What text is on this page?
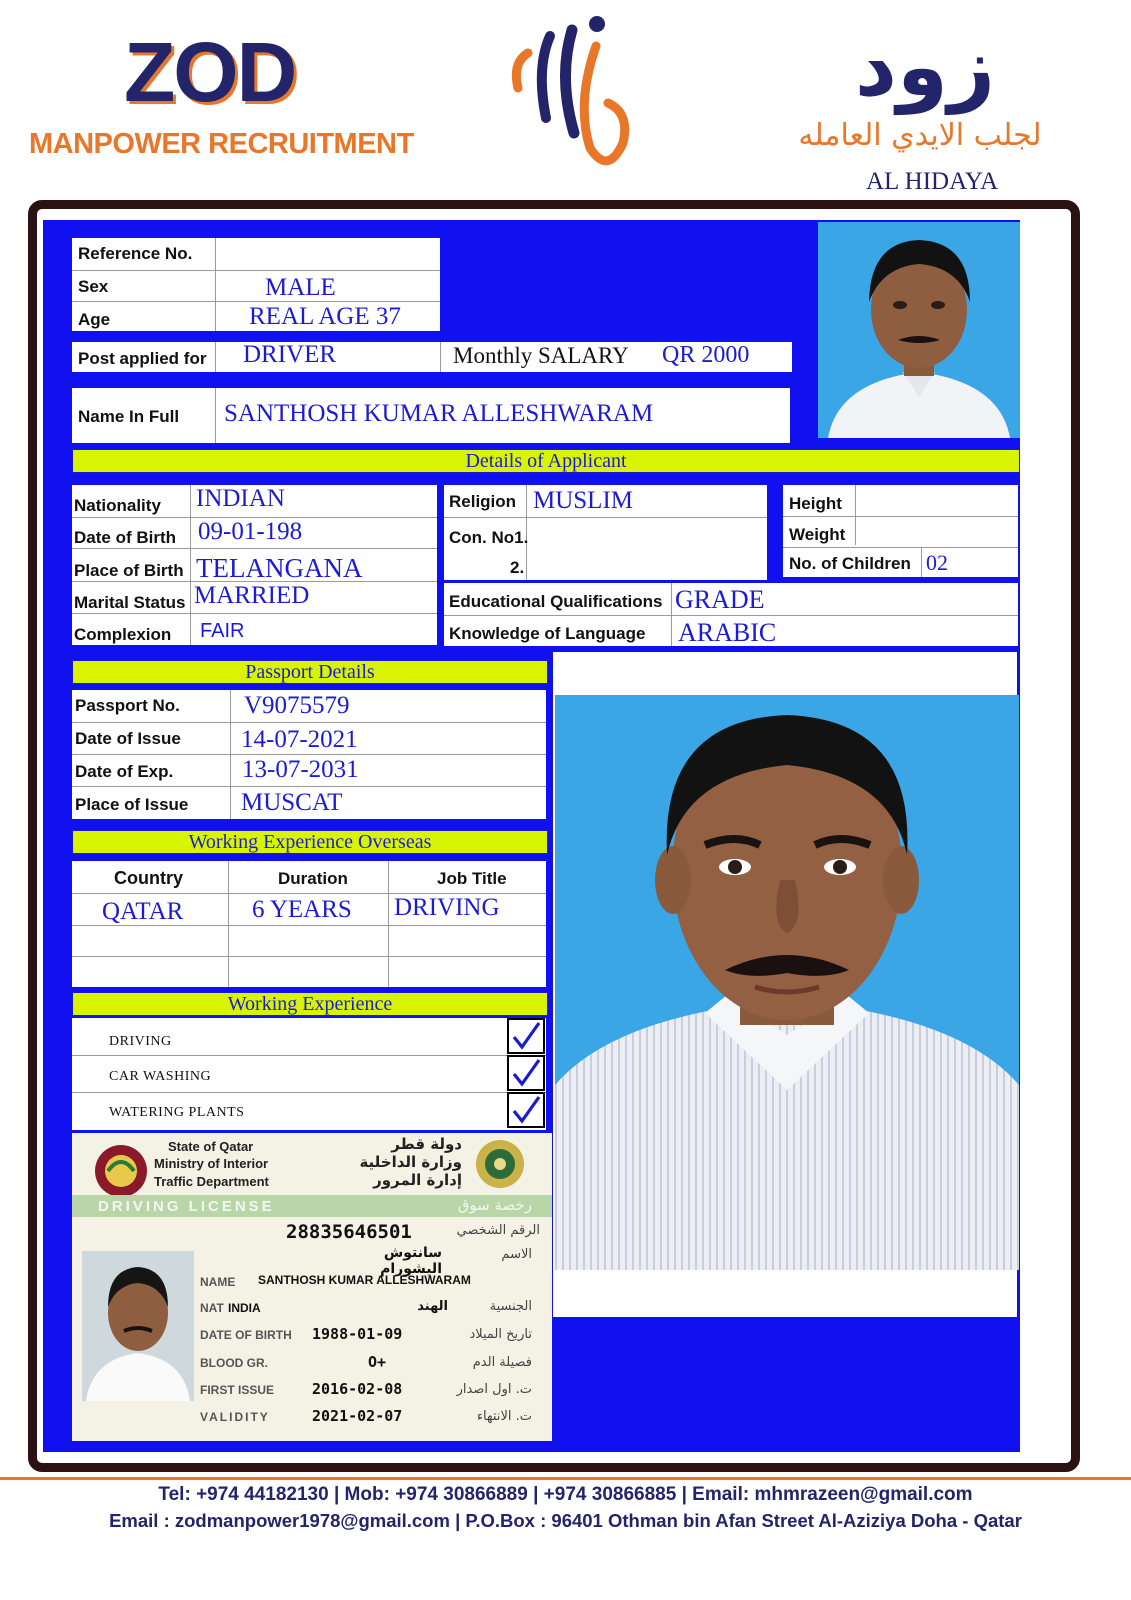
ZOD
MANPOWER RECRUITMENT
زود
لجلب الايدي العامله
AL HIDAYA
Reference No.
Sex	MALE
Age	REAL AGE 37
Post applied for DRIVER	Monthly SALARY QR 2000
Name In Full SANTHOSH KUMAR ALLESHWARAM
Details of Applicant
Nationality INDIAN
Date of Birth 09-01-198
Place of Birth TELANGANA
Marital Status MARRIED
Complexion FAIR
Religion MUSLIM
Con. No1.
2.
Height
Weight
No. of Children 02
Educational Qualifications GRADE
Knowledge of Language ARABIC
Passport Details
Passport No.	V9075579
Date of Issue 14-07-2021
Date of Exp.	13-07-2031
Place of Issue MUSCAT
Working Experience Overseas
Country	Duration	Job Title
QATAR	6 YEARS DRIVING
Working Experience
DRIVING
CAR WASHING
WATERING PLANTS
State of Qatar
Ministry of Interior
Traffic Department
دولة قطر
وزارة الداخلية
إدارة المرور
DRIVING LICENSE	رخصة سوق
28835646501	الرقم الشخصي
سانتوش اليشورام
الاسم
NAME SANTHOSH KUMAR ALLESHWARAM
NAT INDIA	الهند	الجنسية
DATE OF BIRTH 1988-01-09	تاريخ الميلاد
BLOOD GR.	O+	فصيلة الدم
FIRST ISSUE	2016-02-08	ت. اول اصدار
VALIDITY	2021-02-07	ت. الانتهاء
Tel: +974 44182130 | Mob: +974 30866889 | +974 30866885 | Email: mhmrazeen@gmail.com
Email : zodmanpower1978@gmail.com | P.O.Box : 96401 Othman bin Afan Street Al-Aziziya Doha - Qatar
